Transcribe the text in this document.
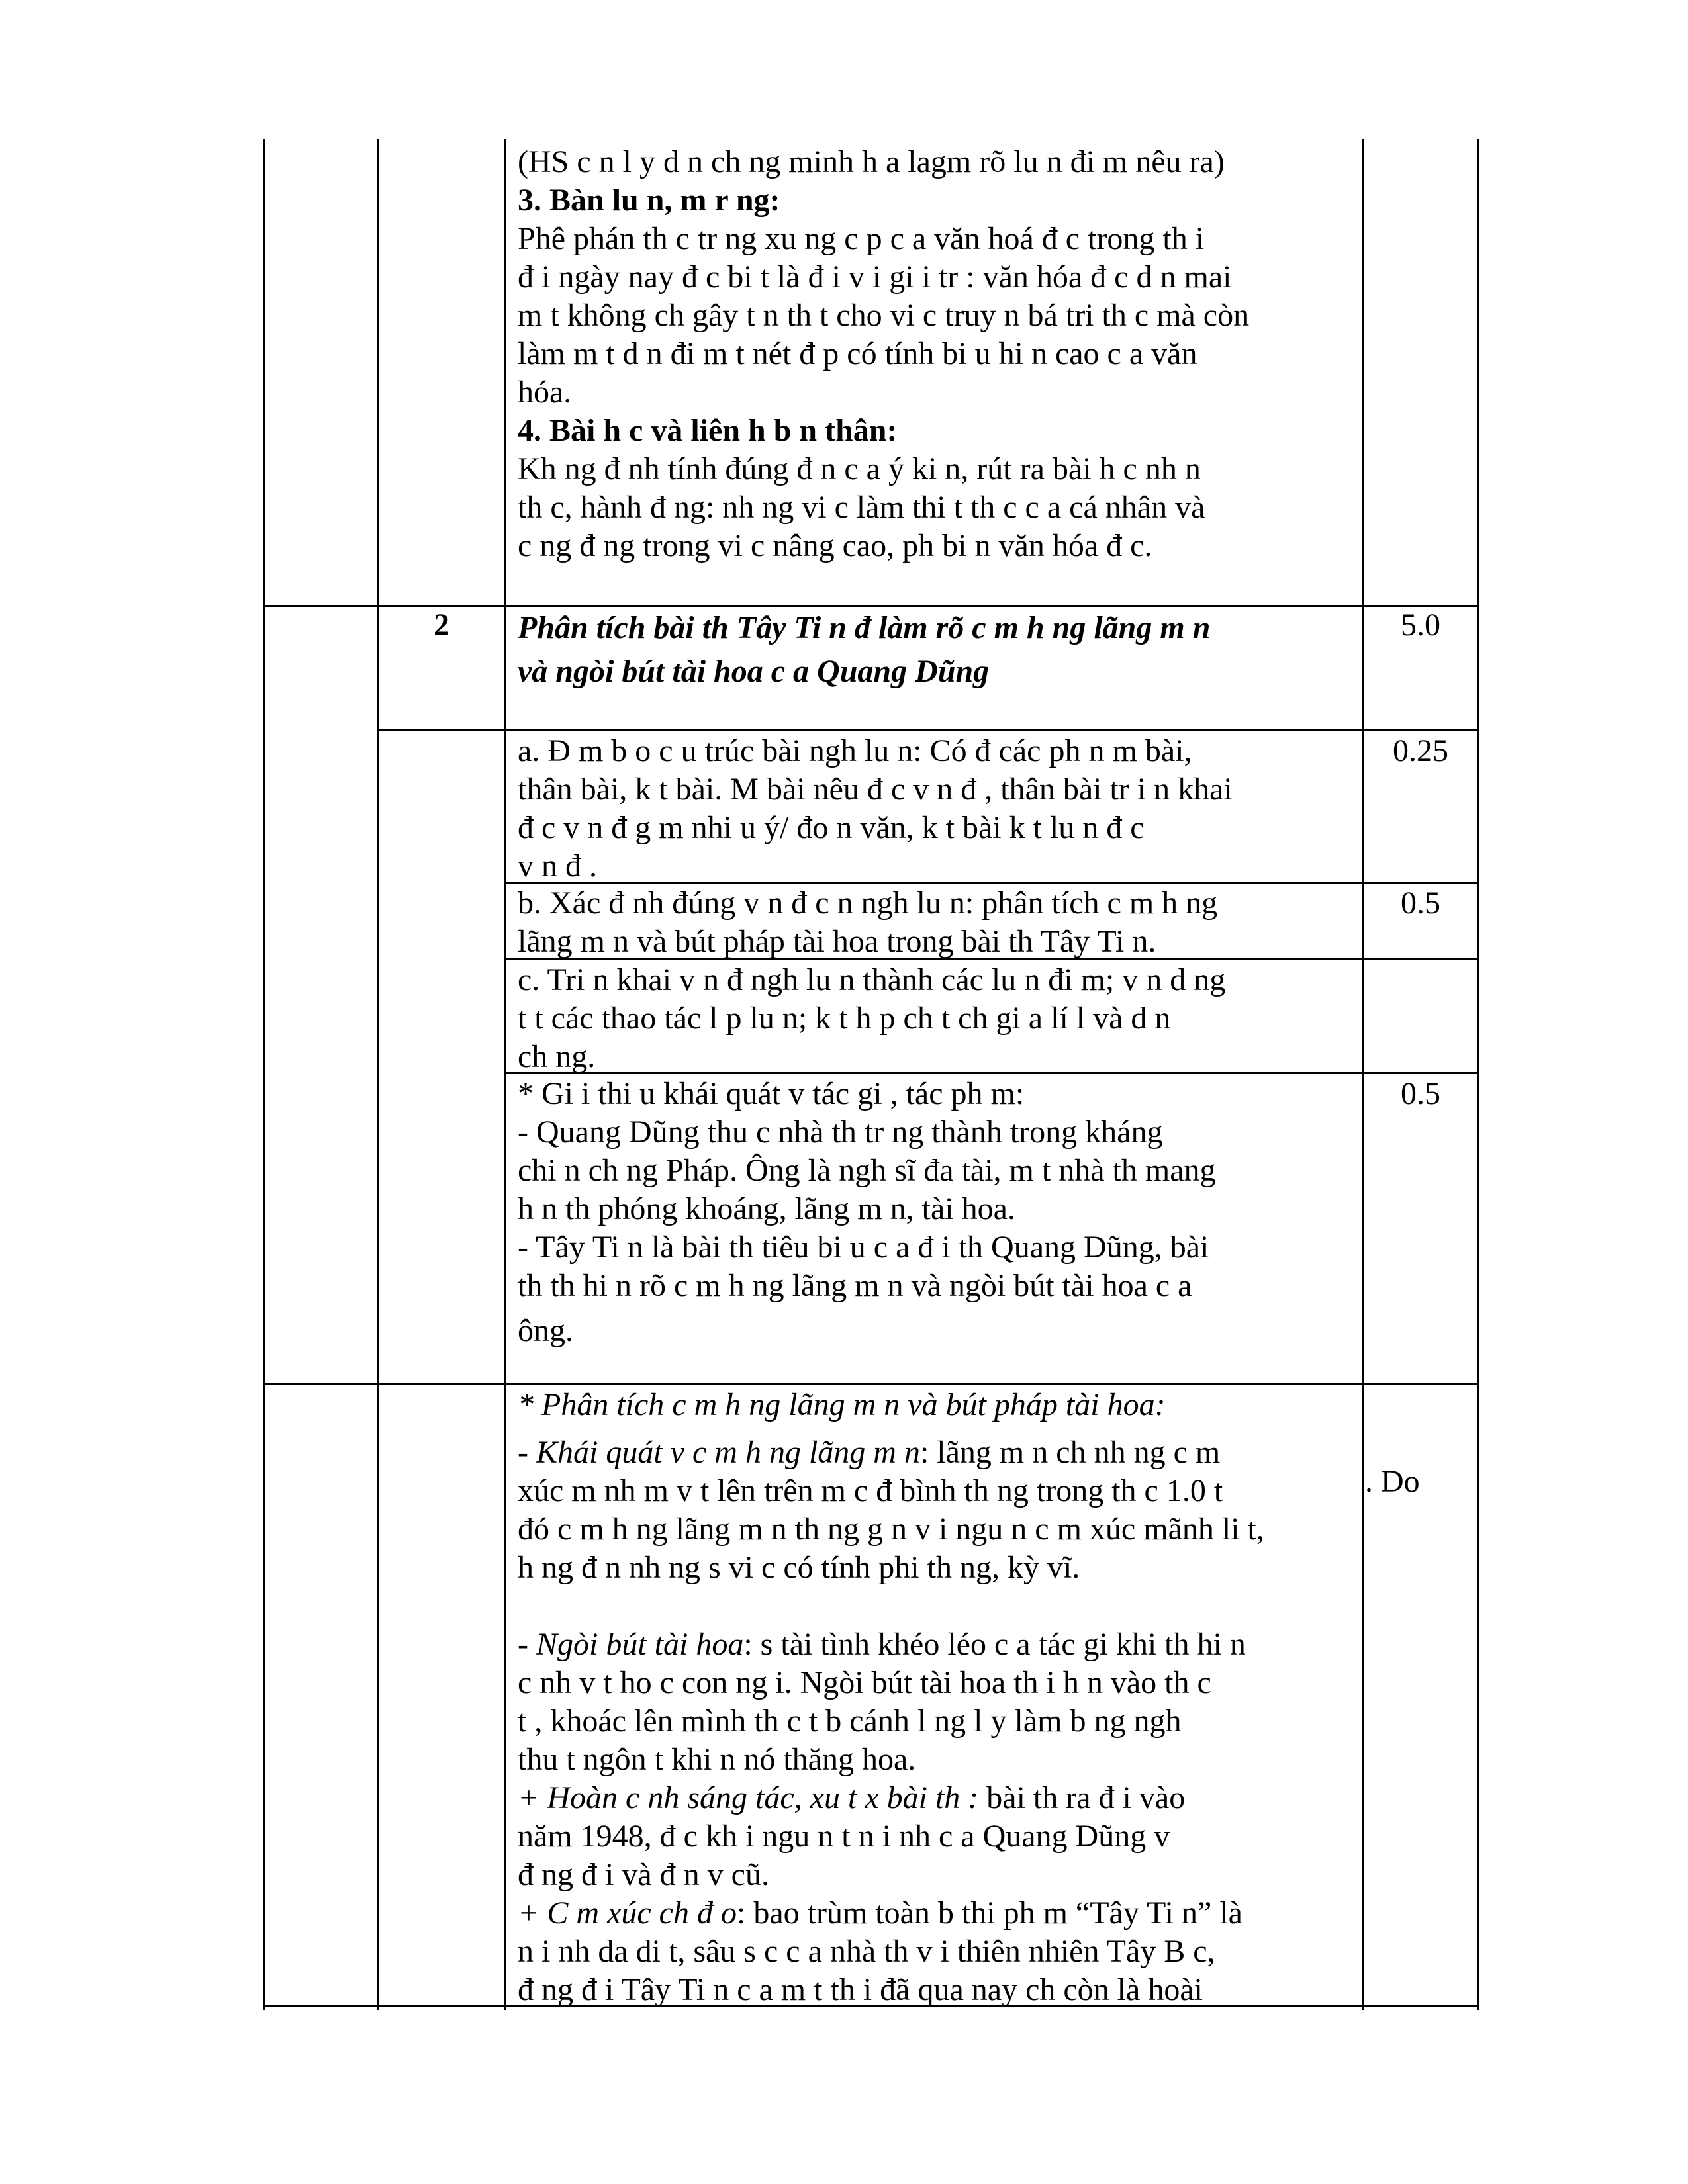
(HS c n l y d n ch ng minh h a lagm rõ lu n đi m nêu ra)

3. Bàn lu n, m r ng:

Phê phán th c tr ng xu ng c p c a văn hoá đ c trong th i

đ i ngày nay đ c bi t là đ i v i gi i tr : văn hóa đ c d n mai

m t không ch gây t n th t cho vi c truy n bá tri th c mà còn

làm m t d n đi m t nét đ p có tính bi u hi n cao c a văn

hóa.

4. Bài h c và liên h b n thân:

Kh ng đ nh tính đúng đ n c a ý ki n, rút ra bài h c nh n

th c, hành đ ng: nh ng vi c làm thi t th c c a cá nhân và

c ng đ ng trong vi c nâng cao, ph bi n văn hóa đ c.

2	Phân tích bài th Tây Ti n đ làm rõ c m h ng lãng m n

và ngòi bút tài hoa c a Quang Dũng

5.0

a. Đ m b o c u trúc bài ngh lu n: Có đ các ph n m bài,

thân bài, k t bài. M bài nêu đ c v n đ , thân bài tr i n khai

đ c v n đ g m nhi u ý/ đo n văn, k t bài k t lu n đ c

v n đ .

0.25

b. Xác đ nh đúng v n đ c n ngh lu n: phân tích c m h ng

lãng m n và bút pháp tài hoa trong bài th Tây Ti n.

0.5

c. Tri n khai v n đ ngh lu n thành các lu n đi m; v n d ng

t t các thao tác l p lu n; k t h p ch t ch gi a lí l và d n

ch ng.

* Gi i thi u khái quát v tác gi , tác ph m:

- Quang Dũng thu c nhà th tr ng thành trong kháng

chi n ch ng Pháp. Ông là ngh sĩ đa tài, m t nhà th mang

h n th phóng khoáng, lãng m n, tài hoa.

- Tây Ti n là bài th tiêu bi u c a đ i th Quang Dũng, bài

th th hi n rõ c m h ng lãng m n và ngòi bút tài hoa c a

ông.

0.5

* Phân tích c m h ng lãng m n và bút pháp tài hoa:

- Khái quát v c m h ng lãng m n: lãng m n ch nh ng c m

xúc m nh m v t lên trên m c đ bình th ng trong th c 1.0 t

đó c m h ng lãng m n th ng g n v i ngu n c m xúc mãnh li t,

h ng đ n nh ng s vi c có tính phi th ng, kỳ vĩ.

- Ngòi bút tài hoa: s tài tình khéo léo c a tác gi khi th hi n

c nh v t ho c con ng i. Ngòi bút tài hoa th i h n vào th c

t , khoác lên mình th c t b cánh l ng l y làm b ng ngh

thu t ngôn t khi n nó thăng hoa.

+ Hoàn c nh sáng tác, xu t x bài th : bài th ra đ i vào

năm 1948, đ c kh i ngu n t n i nh c a Quang Dũng v

đ ng đ i và đ n v cũ.

+ C m xúc ch đ o: bao trùm toàn b thi ph m “Tây Ti n” là

n i nh da di t, sâu s c c a nhà th v i thiên nhiên Tây B c,

đ ng đ i Tây Ti n c a m t th i đã qua nay ch còn là hoài

. Do
